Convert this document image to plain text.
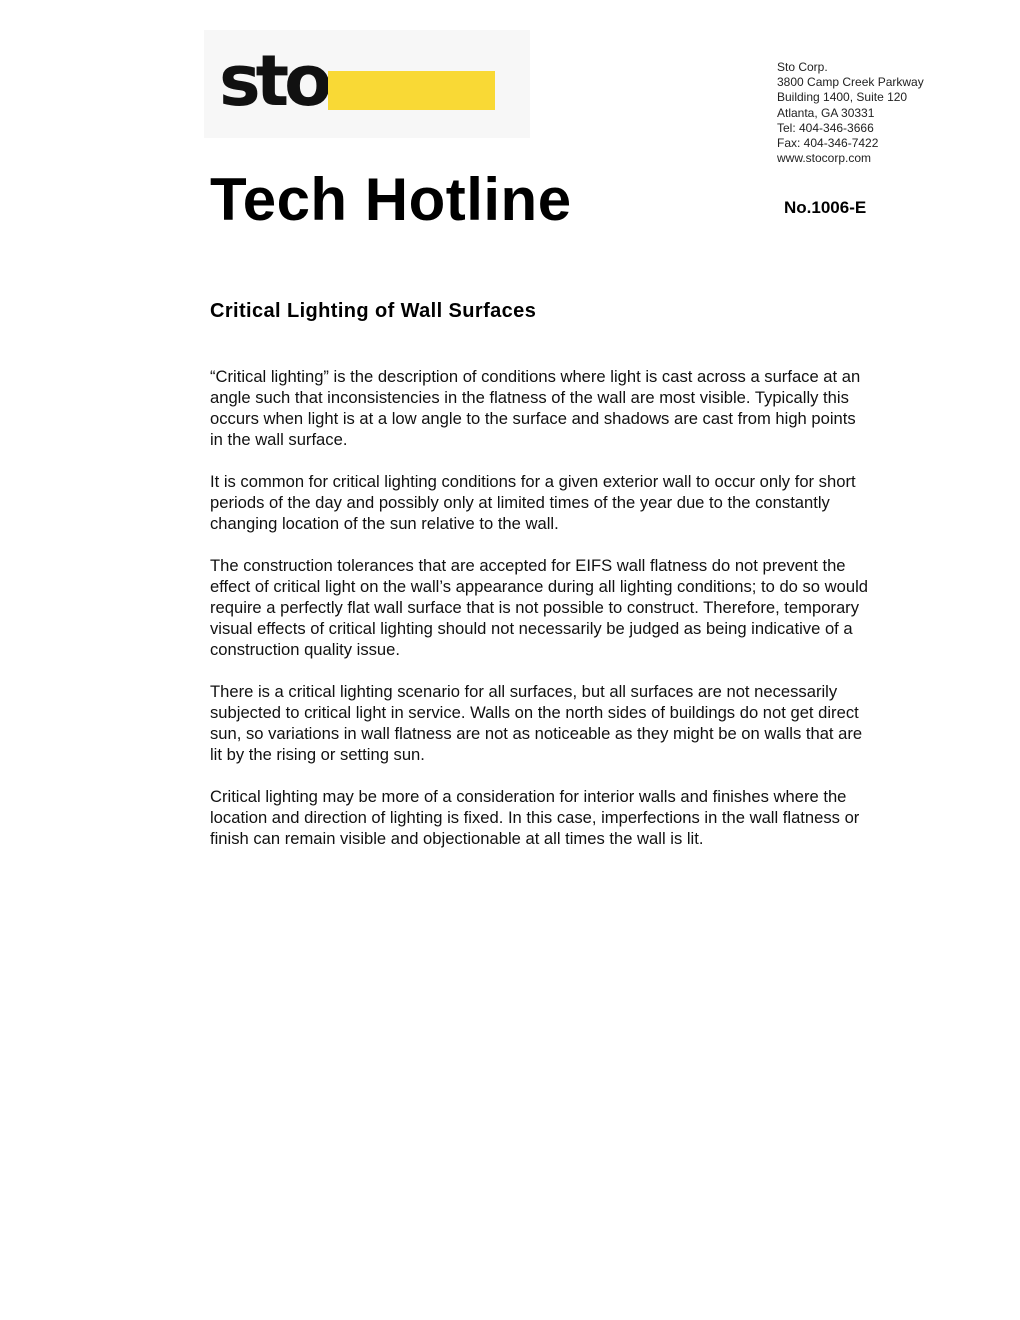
sto	Sto Corp.
3800 Camp Creek Parkway
Building 1400, Suite 120
Atlanta, GA 30331
Tel: 404-346-3666
Fax: 404-346-7422
www.stocorp.com
Tech Hotline	No.1006-E
Critical Lighting of Wall Surfaces

“Critical lighting” is the description of conditions where light is cast across a surface at an
angle such that inconsistencies in the flatness of the wall are most visible. Typically this
occurs when light is at a low angle to the surface and shadows are cast from high points
in the wall surface.

It is common for critical lighting conditions for a given exterior wall to occur only for short
periods of the day and possibly only at limited times of the year due to the constantly
changing location of the sun relative to the wall.

The construction tolerances that are accepted for EIFS wall flatness do not prevent the
effect of critical light on the wall’s appearance during all lighting conditions; to do so would
require a perfectly flat wall surface that is not possible to construct. Therefore, temporary
visual effects of critical lighting should not necessarily be judged as being indicative of a
construction quality issue.

There is a critical lighting scenario for all surfaces, but all surfaces are not necessarily
subjected to critical light in service. Walls on the north sides of buildings do not get direct
sun, so variations in wall flatness are not as noticeable as they might be on walls that are
lit by the rising or setting sun.

Critical lighting may be more of a consideration for interior walls and finishes where the
location and direction of lighting is fixed. In this case, imperfections in the wall flatness or
finish can remain visible and objectionable at all times the wall is lit.
